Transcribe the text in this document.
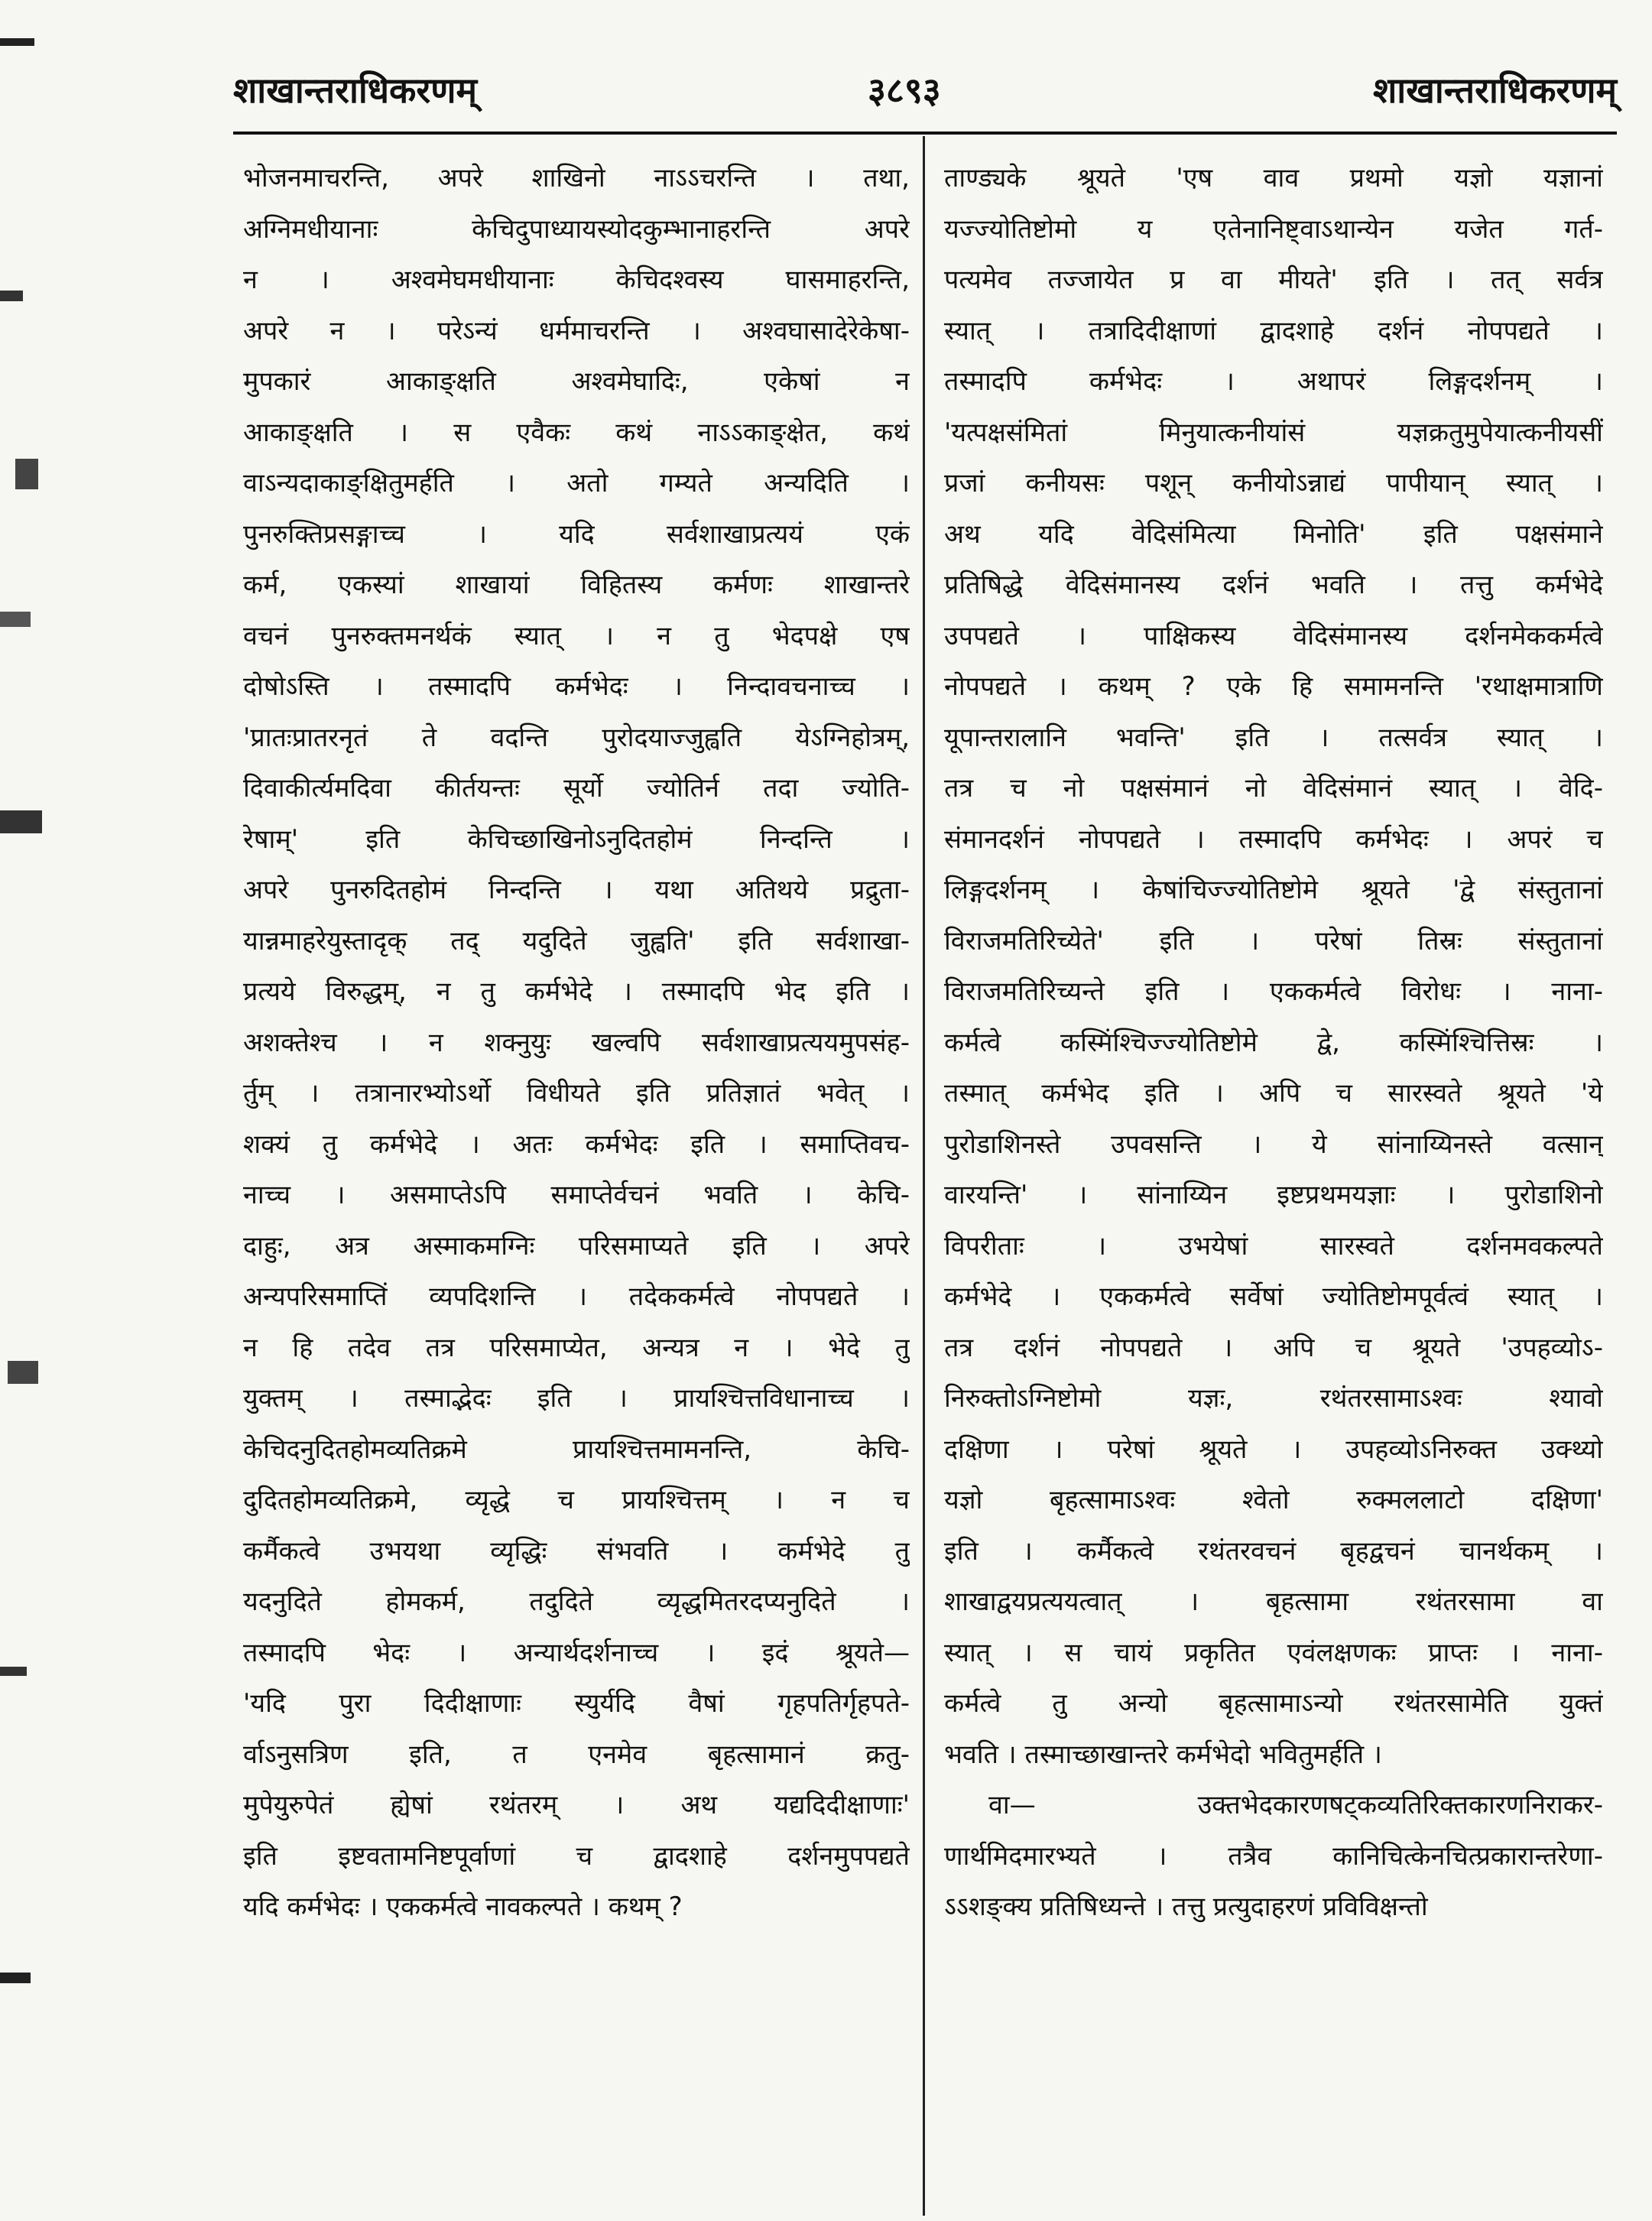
शाखान्तराधिकरणम्	३८९३	शाखान्तराधिकरणम्
भोजनमाचरन्ति, अपरे शाखिनो नाऽऽचरन्ति । तथा,
अग्निमधीयानाः केचिदुपाध्यायस्योदकुम्भानाहरन्ति अपरे
न । अश्वमेघमधीयानाः केचिदश्वस्य घासमाहरन्ति,
अपरे न । परेऽन्यं धर्ममाचरन्ति । अश्वघासादेरेकेषा-
मुपकारं आकाङ्क्षति अश्वमेघादिः, एकेषां न
आकाङ्क्षति । स एवैकः कथं नाऽऽकाङ्क्षेत, कथं
वाऽन्यदाकाङ्क्षितुमर्हति । अतो गम्यते अन्यदिति ।
पुनरुक्तिप्रसङ्गाच्च । यदि सर्वशाखाप्रत्ययं एकं
कर्म, एकस्यां शाखायां विहितस्य कर्मणः शाखान्तरे
वचनं पुनरुक्तमनर्थकं स्यात् । न तु भेदपक्षे एष
दोषोऽस्ति । तस्मादपि कर्मभेदः । निन्दावचनाच्च ।
'प्रातःप्रातरनृतं ते वदन्ति पुरोदयाज्जुह्वति येऽग्निहोत्रम्,
दिवाकीर्त्यमदिवा कीर्तयन्तः सूर्यो ज्योतिर्न तदा ज्योति-
रेषाम्' इति केचिच्छाखिनोऽनुदितहोमं निन्दन्ति ।
अपरे पुनरुदितहोमं निन्दन्ति । यथा अतिथये प्रद्रुता-
यान्नमाहरेयुस्तादृक् तद् यदुदिते जुह्वति' इति सर्वशाखा-
प्रत्यये विरुद्धम्, न तु कर्मभेदे । तस्मादपि भेद इति ।
अशक्तेश्च । न शक्नुयुः खल्वपि सर्वशाखाप्रत्ययमुपसंह-
र्तुम् । तत्रानारभ्योऽर्थो विधीयते इति प्रतिज्ञातं भवेत् ।
शक्यं तु कर्मभेदे । अतः कर्मभेदः इति । समाप्तिवच-
नाच्च । असमाप्तेऽपि समाप्तेर्वचनं भवति । केचि-
दाहुः, अत्र अस्माकमग्निः परिसमाप्यते इति । अपरे
अन्यपरिसमाप्तिं व्यपदिशन्ति । तदेककर्मत्वे नोपपद्यते ।
न हि तदेव तत्र परिसमाप्येत, अन्यत्र न । भेदे तु
युक्तम् । तस्माद्भेदः इति । प्रायश्चित्तविधानाच्च ।
केचिदनुदितहोमव्यतिक्रमे प्रायश्चित्तमामनन्ति, केचि-
दुदितहोमव्यतिक्रमे, व्यृद्धे च प्रायश्चित्तम् । न च
कर्मैकत्वे उभयथा व्यृद्धिः संभवति । कर्मभेदे तु
यदनुदिते होमकर्म, तदुदिते व्यृद्धमितरदप्यनुदिते ।
तस्मादपि भेदः । अन्यार्थदर्शनाच्च । इदं श्रूयते—
'यदि पुरा दिदीक्षाणाः स्युर्यदि वैषां गृहपतिर्गृहपते-
र्वाऽनुसत्रिण इति, त एनमेव बृहत्सामानं क्रतु-
मुपेयुरुपेतं ह्येषां रथंतरम् । अथ यद्यदिदीक्षाणाः'
इति इष्टवतामनिष्टपूर्वाणां च द्वादशाहे दर्शनमुपपद्यते
यदि कर्मभेदः । एककर्मत्वे नावकल्पते । कथम् ?
ताण्ड्यके श्रूयते 'एष वाव प्रथमो यज्ञो यज्ञानां
यज्ज्योतिष्टोमो य एतेनानिष्ट्वाऽथान्येन यजेत गर्त-
पत्यमेव तज्जायेत प्र वा मीयते' इति । तत् सर्वत्र
स्यात् । तत्रादिदीक्षाणां द्वादशाहे दर्शनं नोपपद्यते ।
तस्मादपि कर्मभेदः । अथापरं लिङ्गदर्शनम् ।
'यत्पक्षसंमितां मिनुयात्कनीयांसं यज्ञक्रतुमुपेयात्कनीयसीं
प्रजां कनीयसः पशून् कनीयोऽन्नाद्यं पापीयान् स्यात् ।
अथ यदि वेदिसंमित्या मिनोति' इति पक्षसंमाने
प्रतिषिद्धे वेदिसंमानस्य दर्शनं भवति । तत्तु कर्मभेदे
उपपद्यते । पाक्षिकस्य वेदिसंमानस्य दर्शनमेककर्मत्वे
नोपपद्यते । कथम् ? एके हि समामनन्ति 'रथाक्षमात्राणि
यूपान्तरालानि भवन्ति' इति । तत्सर्वत्र स्यात् ।
तत्र च नो पक्षसंमानं नो वेदिसंमानं स्यात् । वेदि-
संमानदर्शनं नोपपद्यते । तस्मादपि कर्मभेदः । अपरं च
लिङ्गदर्शनम् । केषांचिज्ज्योतिष्टोमे श्रूयते 'द्वे संस्तुतानां
विराजमतिरिच्येते' इति । परेषां तिस्रः संस्तुतानां
विराजमतिरिच्यन्ते इति । एककर्मत्वे विरोधः । नाना-
कर्मत्वे कस्मिंश्चिज्ज्योतिष्टोमे द्वे, कस्मिंश्चित्तिस्रः ।
तस्मात् कर्मभेद इति । अपि च सारस्वते श्रूयते 'ये
पुरोडाशिनस्ते उपवसन्ति । ये सांनाय्यिनस्ते वत्सान्
वारयन्ति' । सांनाय्यिन इष्टप्रथमयज्ञाः । पुरोडाशिनो
विपरीताः । उभयेषां सारस्वते दर्शनमवकल्पते
कर्मभेदे । एककर्मत्वे सर्वेषां ज्योतिष्टोमपूर्वत्वं स्यात् ।
तत्र दर्शनं नोपपद्यते । अपि च श्रूयते 'उपहव्योऽ-
निरुक्तोऽग्निष्टोमो यज्ञः, रथंतरसामाऽश्वः श्यावो
दक्षिणा । परेषां श्रूयते । उपहव्योऽनिरुक्त उक्थ्यो
यज्ञो बृहत्सामाऽश्वः श्वेतो रुक्मललाटो दक्षिणा'
इति । कर्मैकत्वे रथंतरवचनं बृहद्वचनं चानर्थकम् ।
शाखाद्वयप्रत्ययत्वात् । बृहत्सामा रथंतरसामा वा
स्यात् । स चायं प्रकृतित एवंलक्षणकः प्राप्तः । नाना-
कर्मत्वे तु अन्यो बृहत्सामाऽन्यो रथंतरसामेति युक्तं
भवति । तस्माच्छाखान्तरे कर्मभेदो भवितुमर्हति ।
वा— उक्तभेदकारणषट्कव्यतिरिक्तकारणनिराकर-
णार्थमिदमारभ्यते । तत्रैव कानिचित्केनचित्प्रकारान्तरेणा-
ऽऽशङ्क्य प्रतिषिध्यन्ते । तत्तु प्रत्युदाहरणं प्रविविक्षन्तो
